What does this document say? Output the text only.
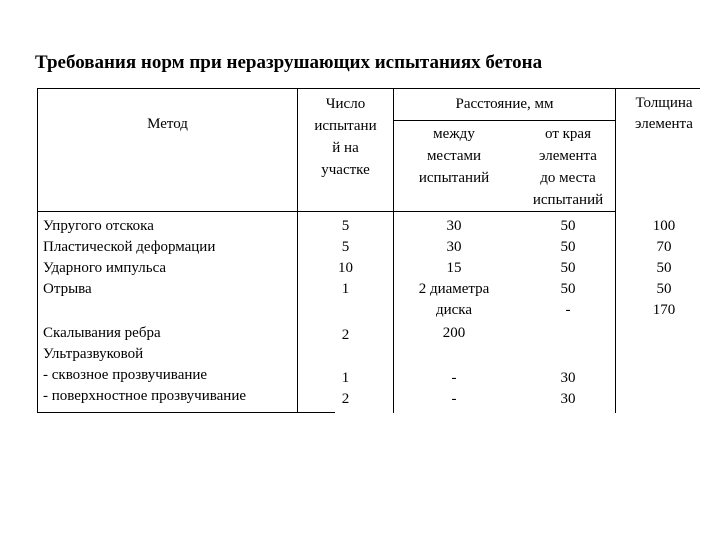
Требования норм при неразрушающих испытаниях бетона
Метод
Число
испытани
й на
участке
Расстояние, мм
между
местами
испытаний
от края
элемента
до места
испытаний
Толщина
элемента
Упругого отскока
Пластической деформации
Ударного импульса
Отрыва
5
5
10
1
30
30
15
2 диаметра
диска
50
50
50
50
-
100
70
50
50
170
Скалывания ребра
Ультразвуковой
- сквозное прозвучивание
- поверхностное прозвучивание
2
1
2
200
-
-
30
30
